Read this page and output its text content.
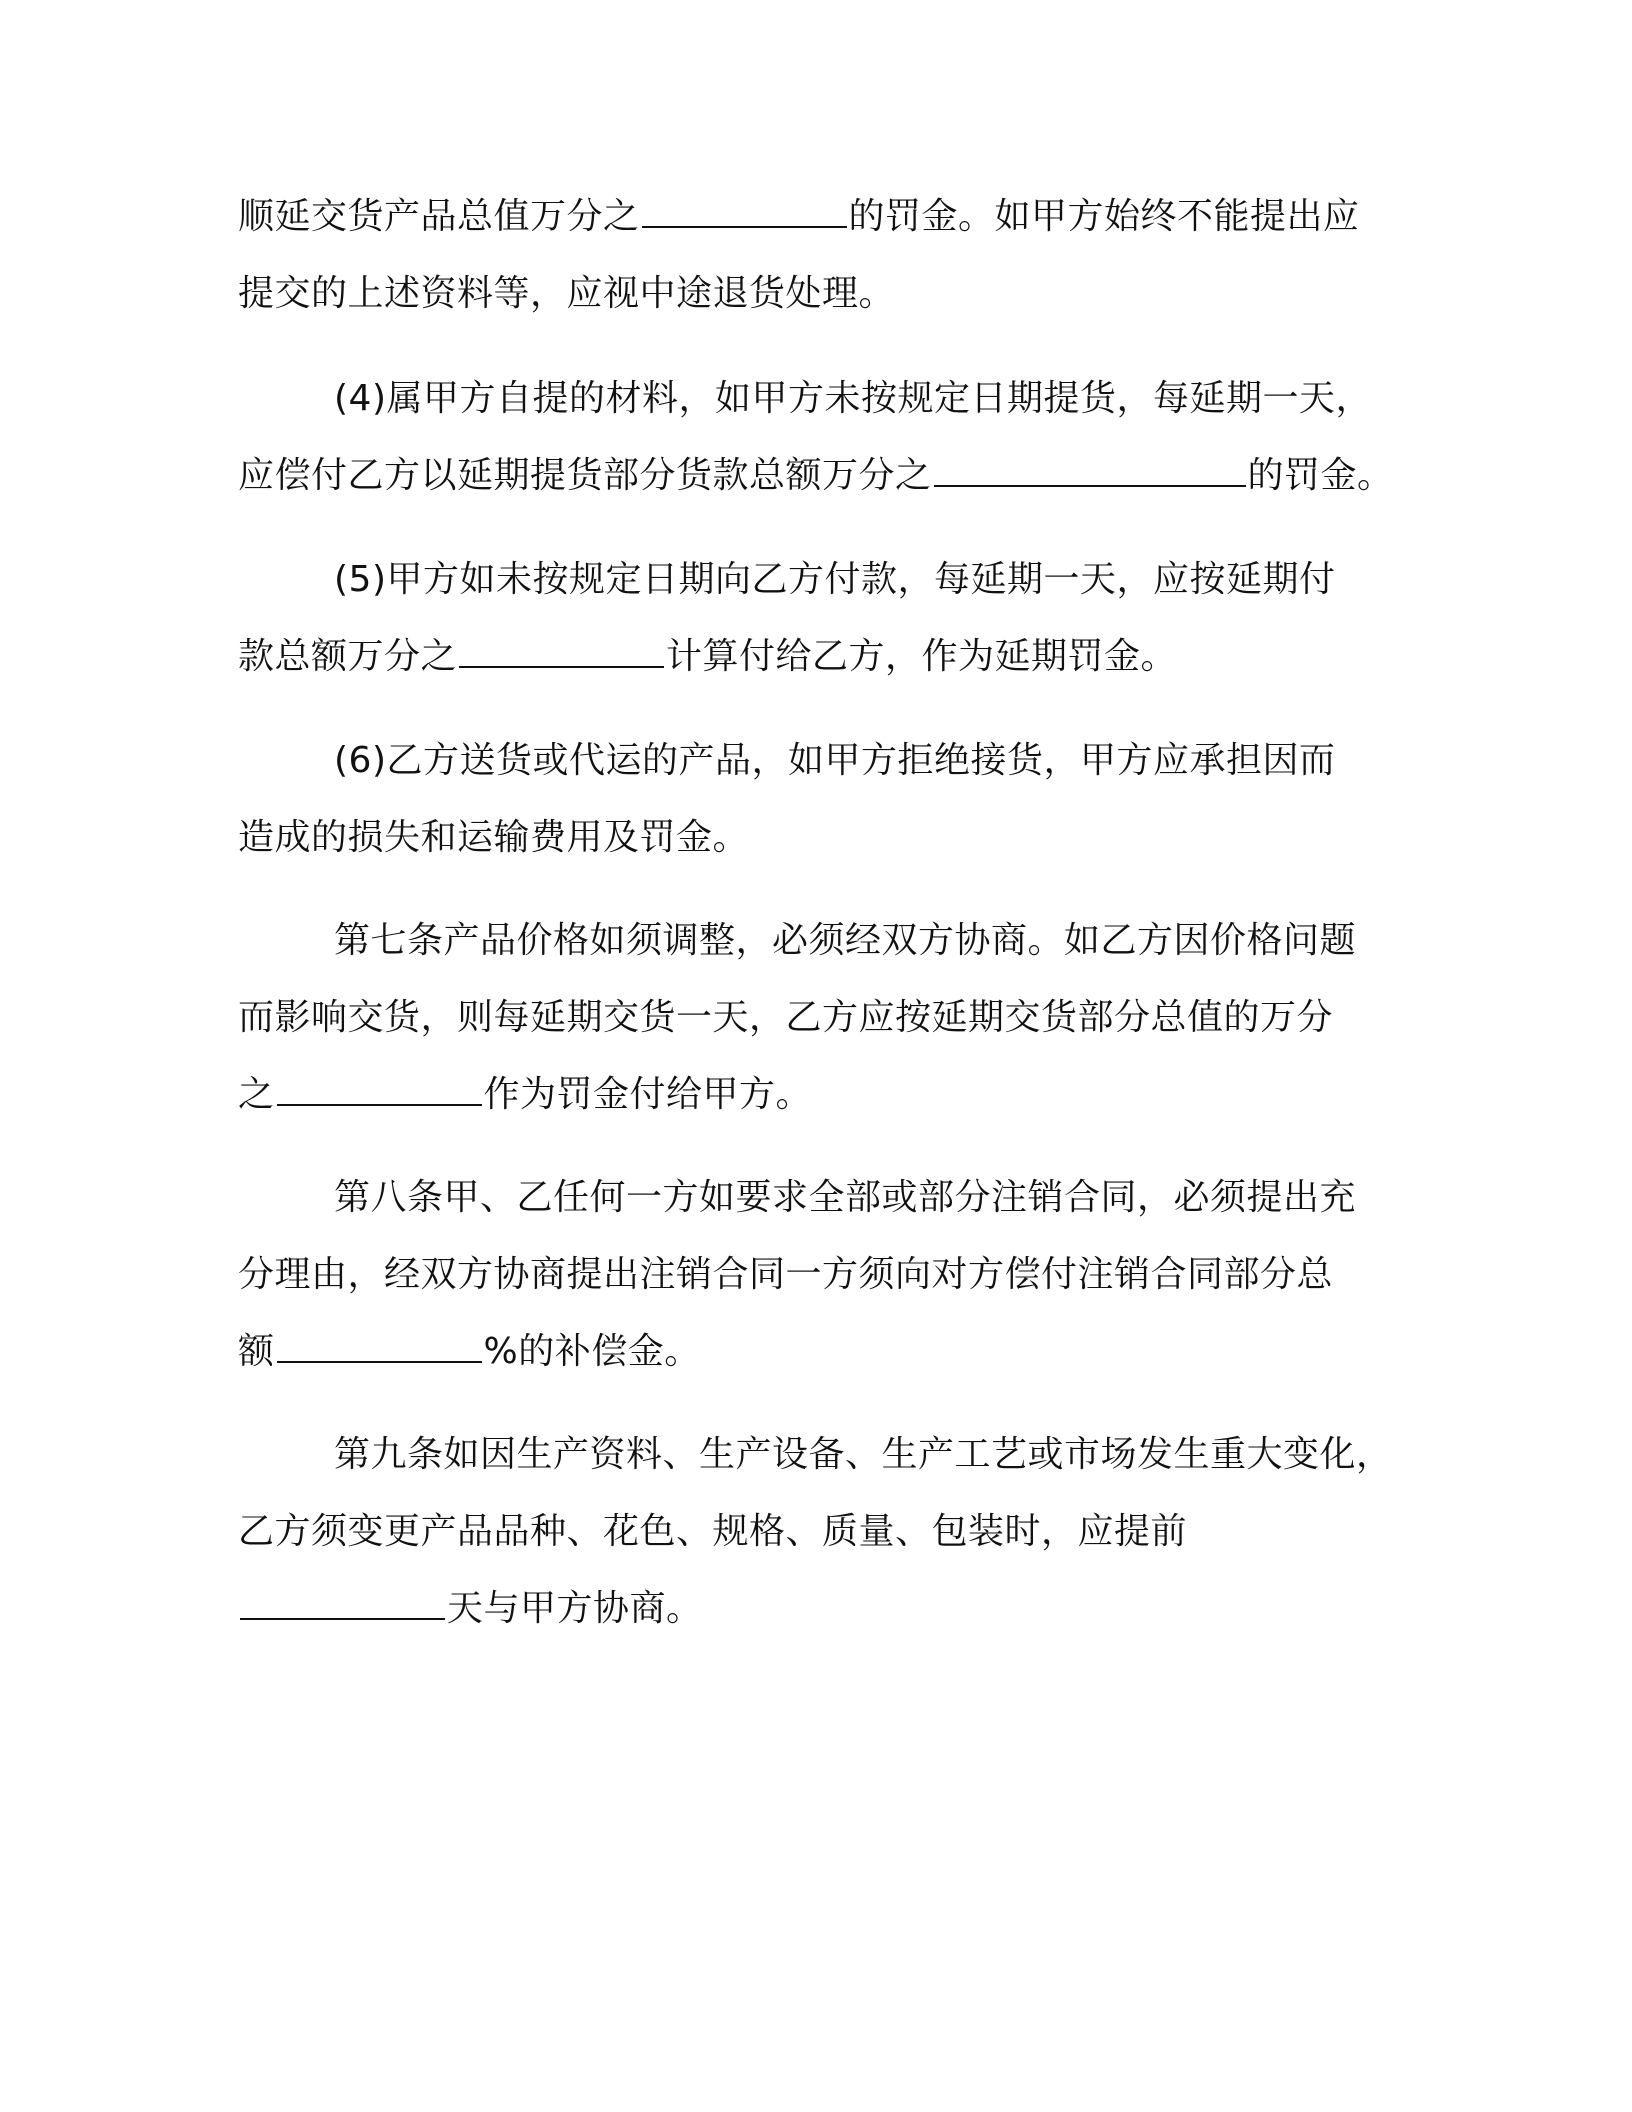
顺延交货产品总值万分之	的罚金。如甲方始终不能提出应
提交的上述资料等，应视中途退货处理。
(4)属甲方自提的材料，如甲方未按规定日期提货，每延期一天，
应偿付乙方以延期提货部分货款总额万分之	的罚金。
(5)甲方如未按规定日期向乙方付款，每延期一天，应按延期付
款总额万分之	计算付给乙方，作为延期罚金。
(6)乙方送货或代运的产品，如甲方拒绝接货，甲方应承担因而
造成的损失和运输费用及罚金。
第七条产品价格如须调整，必须经双方协商。如乙方因价格问题
而影响交货，则每延期交货一天，乙方应按延期交货部分总值的万分
之	作为罚金付给甲方。
第八条甲、乙任何一方如要求全部或部分注销合同，必须提出充
分理由，经双方协商提出注销合同一方须向对方偿付注销合同部分总
额	%的补偿金。
第九条如因生产资料、生产设备、生产工艺或市场发生重大变化，
乙方须变更产品品种、花色、规格、质量、包装时，应提前
天与甲方协商。
